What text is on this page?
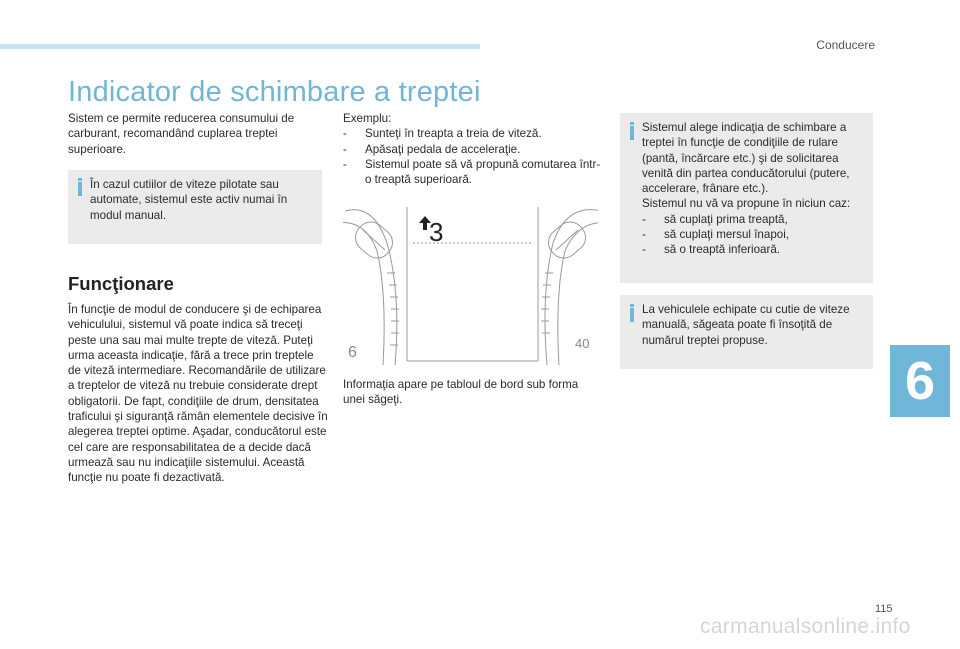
Conducere
Indicator de schimbare a treptei

Sistem ce permite reducerea consumului de carburant, recomandând cuplarea treptei superioare.

În cazul cutiilor de viteze pilotate sau automate, sistemul este activ numai în modul manual.

Funcţionare

În funcţie de modul de conducere şi de echiparea vehiculului, sistemul vă poate indica să treceţi peste una sau mai multe trepte de viteză. Puteţi urma aceasta indicaţie, fără a trece prin treptele de viteză intermediare. Recomandările de utilizare a treptelor de viteză nu trebuie considerate drept obligatorii. De fapt, condiţiile de drum, densitatea traficului şi siguranţă rămân elementele decisive în alegerea treptei optime. Aşadar, conducătorul este cel care are responsabilitatea de a decide dacă urmează sau nu indicaţiile sistemului. Această funcţie nu poate fi dezactivată.

Exemplu:
-	Sunteţi în treapta a treia de viteză.
-	Apăsaţi pedala de acceleraţie.
-	Sistemul poate să vă propună comutarea într-o treaptă superioară.
3
6
40

Informaţia apare pe tabloul de bord sub forma unei săgeţi.

Sistemul alege indicaţia de schimbare a treptei în funcţie de condiţiile de rulare (pantă, încărcare etc.) şi de solicitarea venită din partea conducătorului (putere, accelerare, frânare etc.).
Sistemul nu vă va propune în niciun caz:
-	să cuplaţi prima treaptă,
-	să cuplaţi mersul înapoi,
-	să o treaptă inferioară.

La vehiculele echipate cu cutie de viteze manuală, săgeata poate fi însoţită de numărul treptei propuse.

6
115
carmanualsonline.info
